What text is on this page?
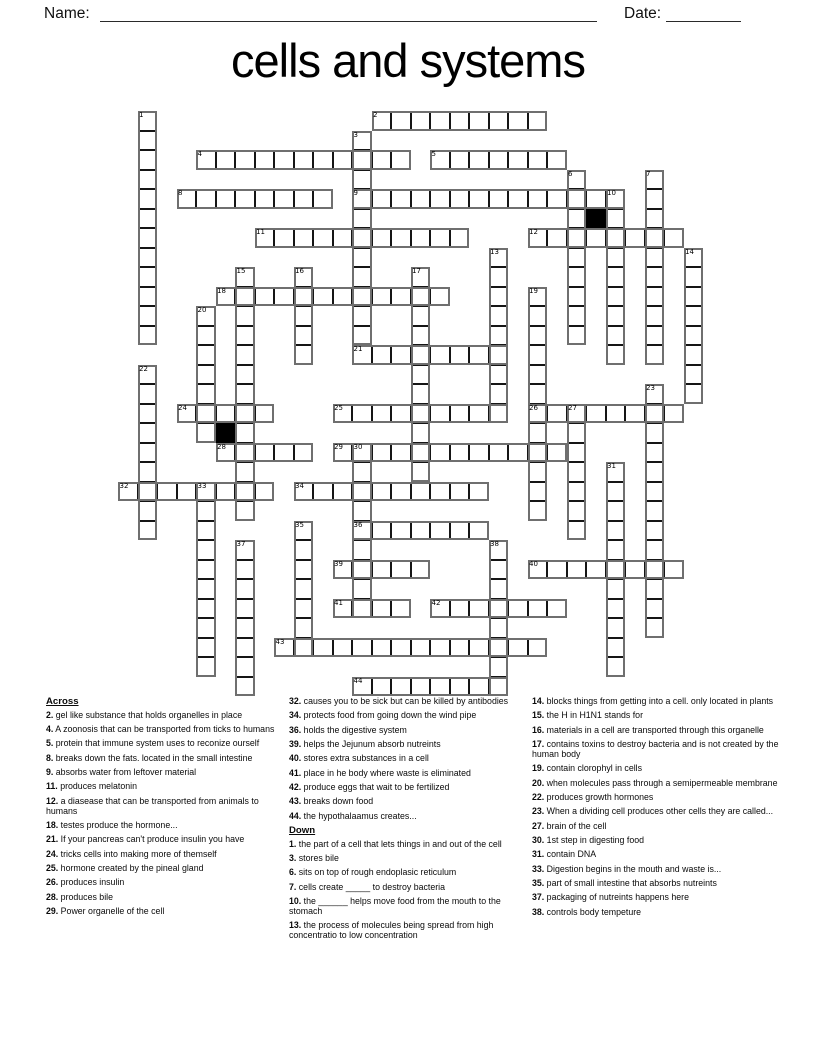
Name:	Date:
cells and systems
2
4	5
8	9
11	12
18
21
24	25	26
28	29
32	34
36
39	40
41	42
43
44
1
3
6	7
10
13	14
15	16	17
19
20
22
23
27
30
31
33
35
37	38
Across
2. gel like substance that holds organelles in place
4. A zoonosis that can be transported from ticks to humans
5. protein that immune system uses to reconize ourself
8. breaks down the fats. located in the small intestine
9. absorbs water from leftover material
11. produces melatonin
12. a diasease that can be transported from animals to humans
18. testes produce the hormone...
21. If your pancreas can't produce insulin you have
24. tricks cells into making more of themself
25. hormone created by the pineal gland
26. produces insulin
28. produces bile
29. Power organelle of the cell
32. causes you to be sick but can be killed by antibodies
34. protects food from going down the wind pipe
36. holds the digestive system
39. helps the Jejunum absorb nutreints
40. stores extra substances in a cell
41. place in he body where waste is eliminated
42. produce eggs that wait to be fertilized
43. breaks down food
44. the hypothalaamus creates...
Down
1. the part of a cell that lets things in and out of the cell
3. stores bile
6. sits on top of rough endoplasic reticulum
7. cells create _____ to destroy bacteria
10. the ______ helps move food from the mouth to the stomach
13. the process of molecules being spread from high concentratio to low concentration
14. blocks things from getting into a cell. only located in plants
15. the H in H1N1 stands for
16. materials in a cell are transported through this organelle
17. contains toxins to destroy bacteria and is not created by the human body
19. contain clorophyl in cells
20. when molecules pass through a semipermeable membrane
22. produces growth hormones
23. When a dividing cell produces other cells they are called...
27. brain of the cell
30. 1st step in digesting food
31. contain DNA
33. Digestion begins in the mouth and waste is...
35. part of small intestine that absorbs nutreints
37. packaging of nutreints happens here
38. controls body tempeture
